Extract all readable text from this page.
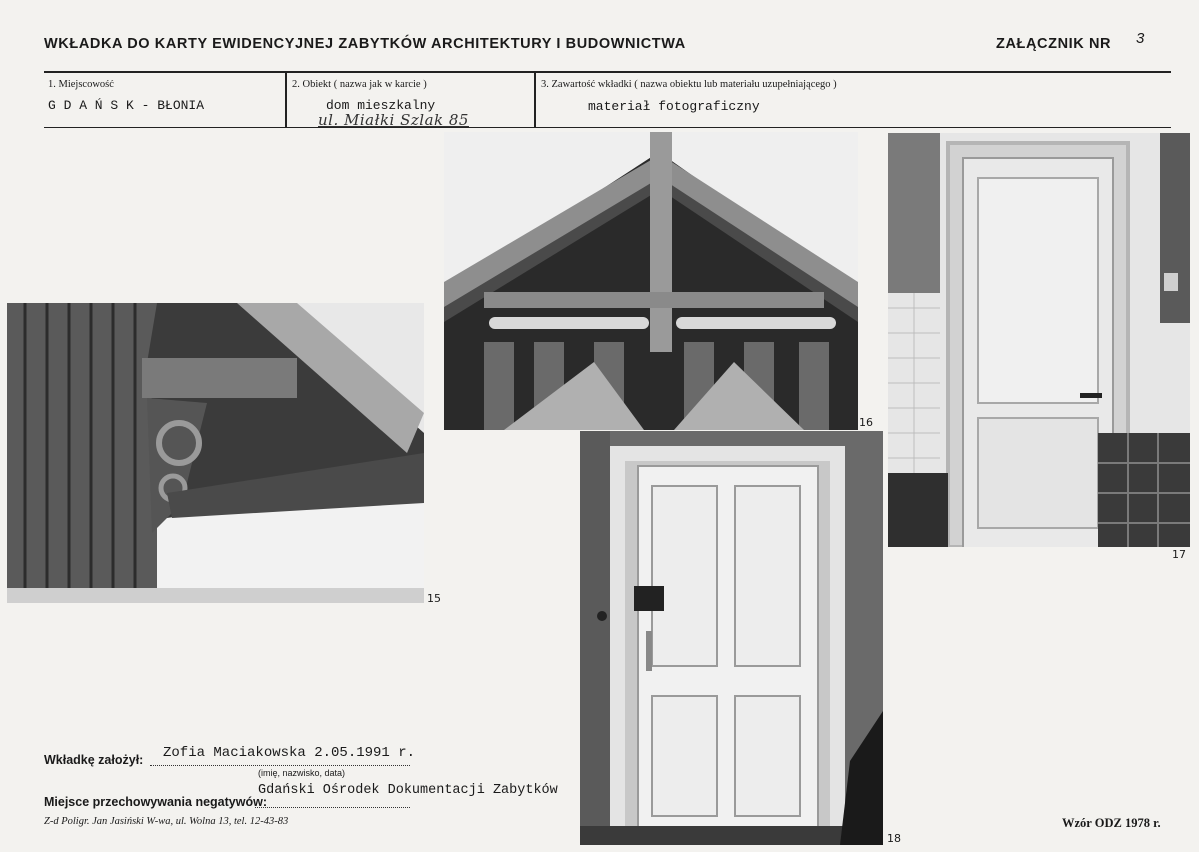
WKŁADKA DO KARTY EWIDENCYJNEJ ZABYTKÓW ARCHITEKTURY I BUDOWNICTWA	ZAŁĄCZNIK NR 3
1. Miejscowość
G D A Ń S K - BŁONIA
2. Obiekt ( nazwa jak w karcie )
dom mieszkalny
ul. Miałki Szlak 85
3. Zawartość wkładki ( nazwa obiektu lub materiału uzupełniającego )
materiał fotograficzny
15
16
17
18
Wkładkę założył: Zofia Maciakowska 2.05.1991 r.
(imię, nazwisko, data)
Miejsce przechowywania negatywów:
Gdański Ośrodek Dokumentacji Zabytków
Z-d Poligr. Jan Jasiński W-wa, ul. Wolna 13, tel. 12-43-83	Wzór ODZ 1978 r.
